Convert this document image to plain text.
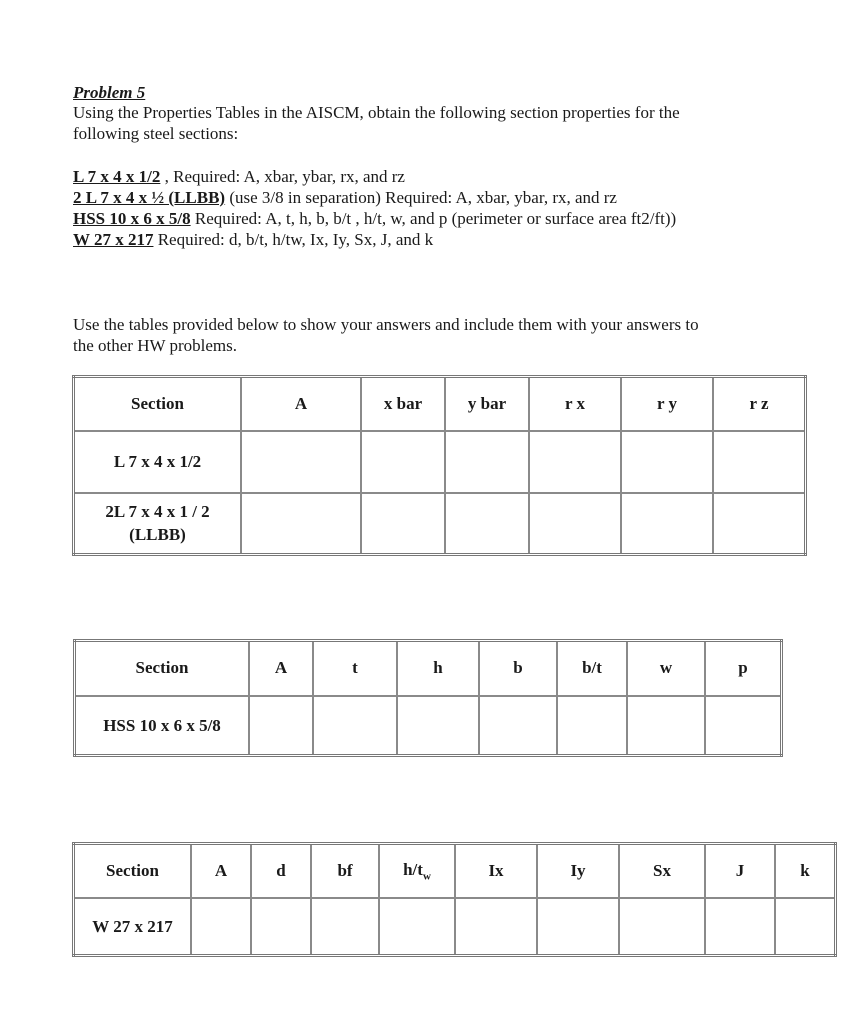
Problem 5
Using the Properties Tables in the AISCM, obtain the following section properties for the
following steel sections:
L 7 x 4 x 1/2 , Required: A, xbar, ybar, rx, and rz
2 L 7 x 4 x ½ (LLBB) (use 3/8 in separation) Required: A, xbar, ybar, rx, and rz
HSS 10 x 6 x 5/8 Required: A, t, h, b, b/t , h/t, w, and p (perimeter or surface area ft2/ft))
W 27 x 217 Required: d, b/t, h/tw, Ix, Iy, Sx, J, and k
Use the tables provided below to show your answers and include them with your answers to
the other HW problems.
Section	A	x bar	y bar	r x	r y	r z

L 7 x 4 x 1/2						

2L 7 x 4 x 1 / 2
(LLBB)						

Section	A	t	h	b	b/t	w	p

HSS 10 x 6 x 5/8							

Section	A	d	bf	$h/t_w$	Ix	Iy	Sx	J	k

W 27 x 217									
